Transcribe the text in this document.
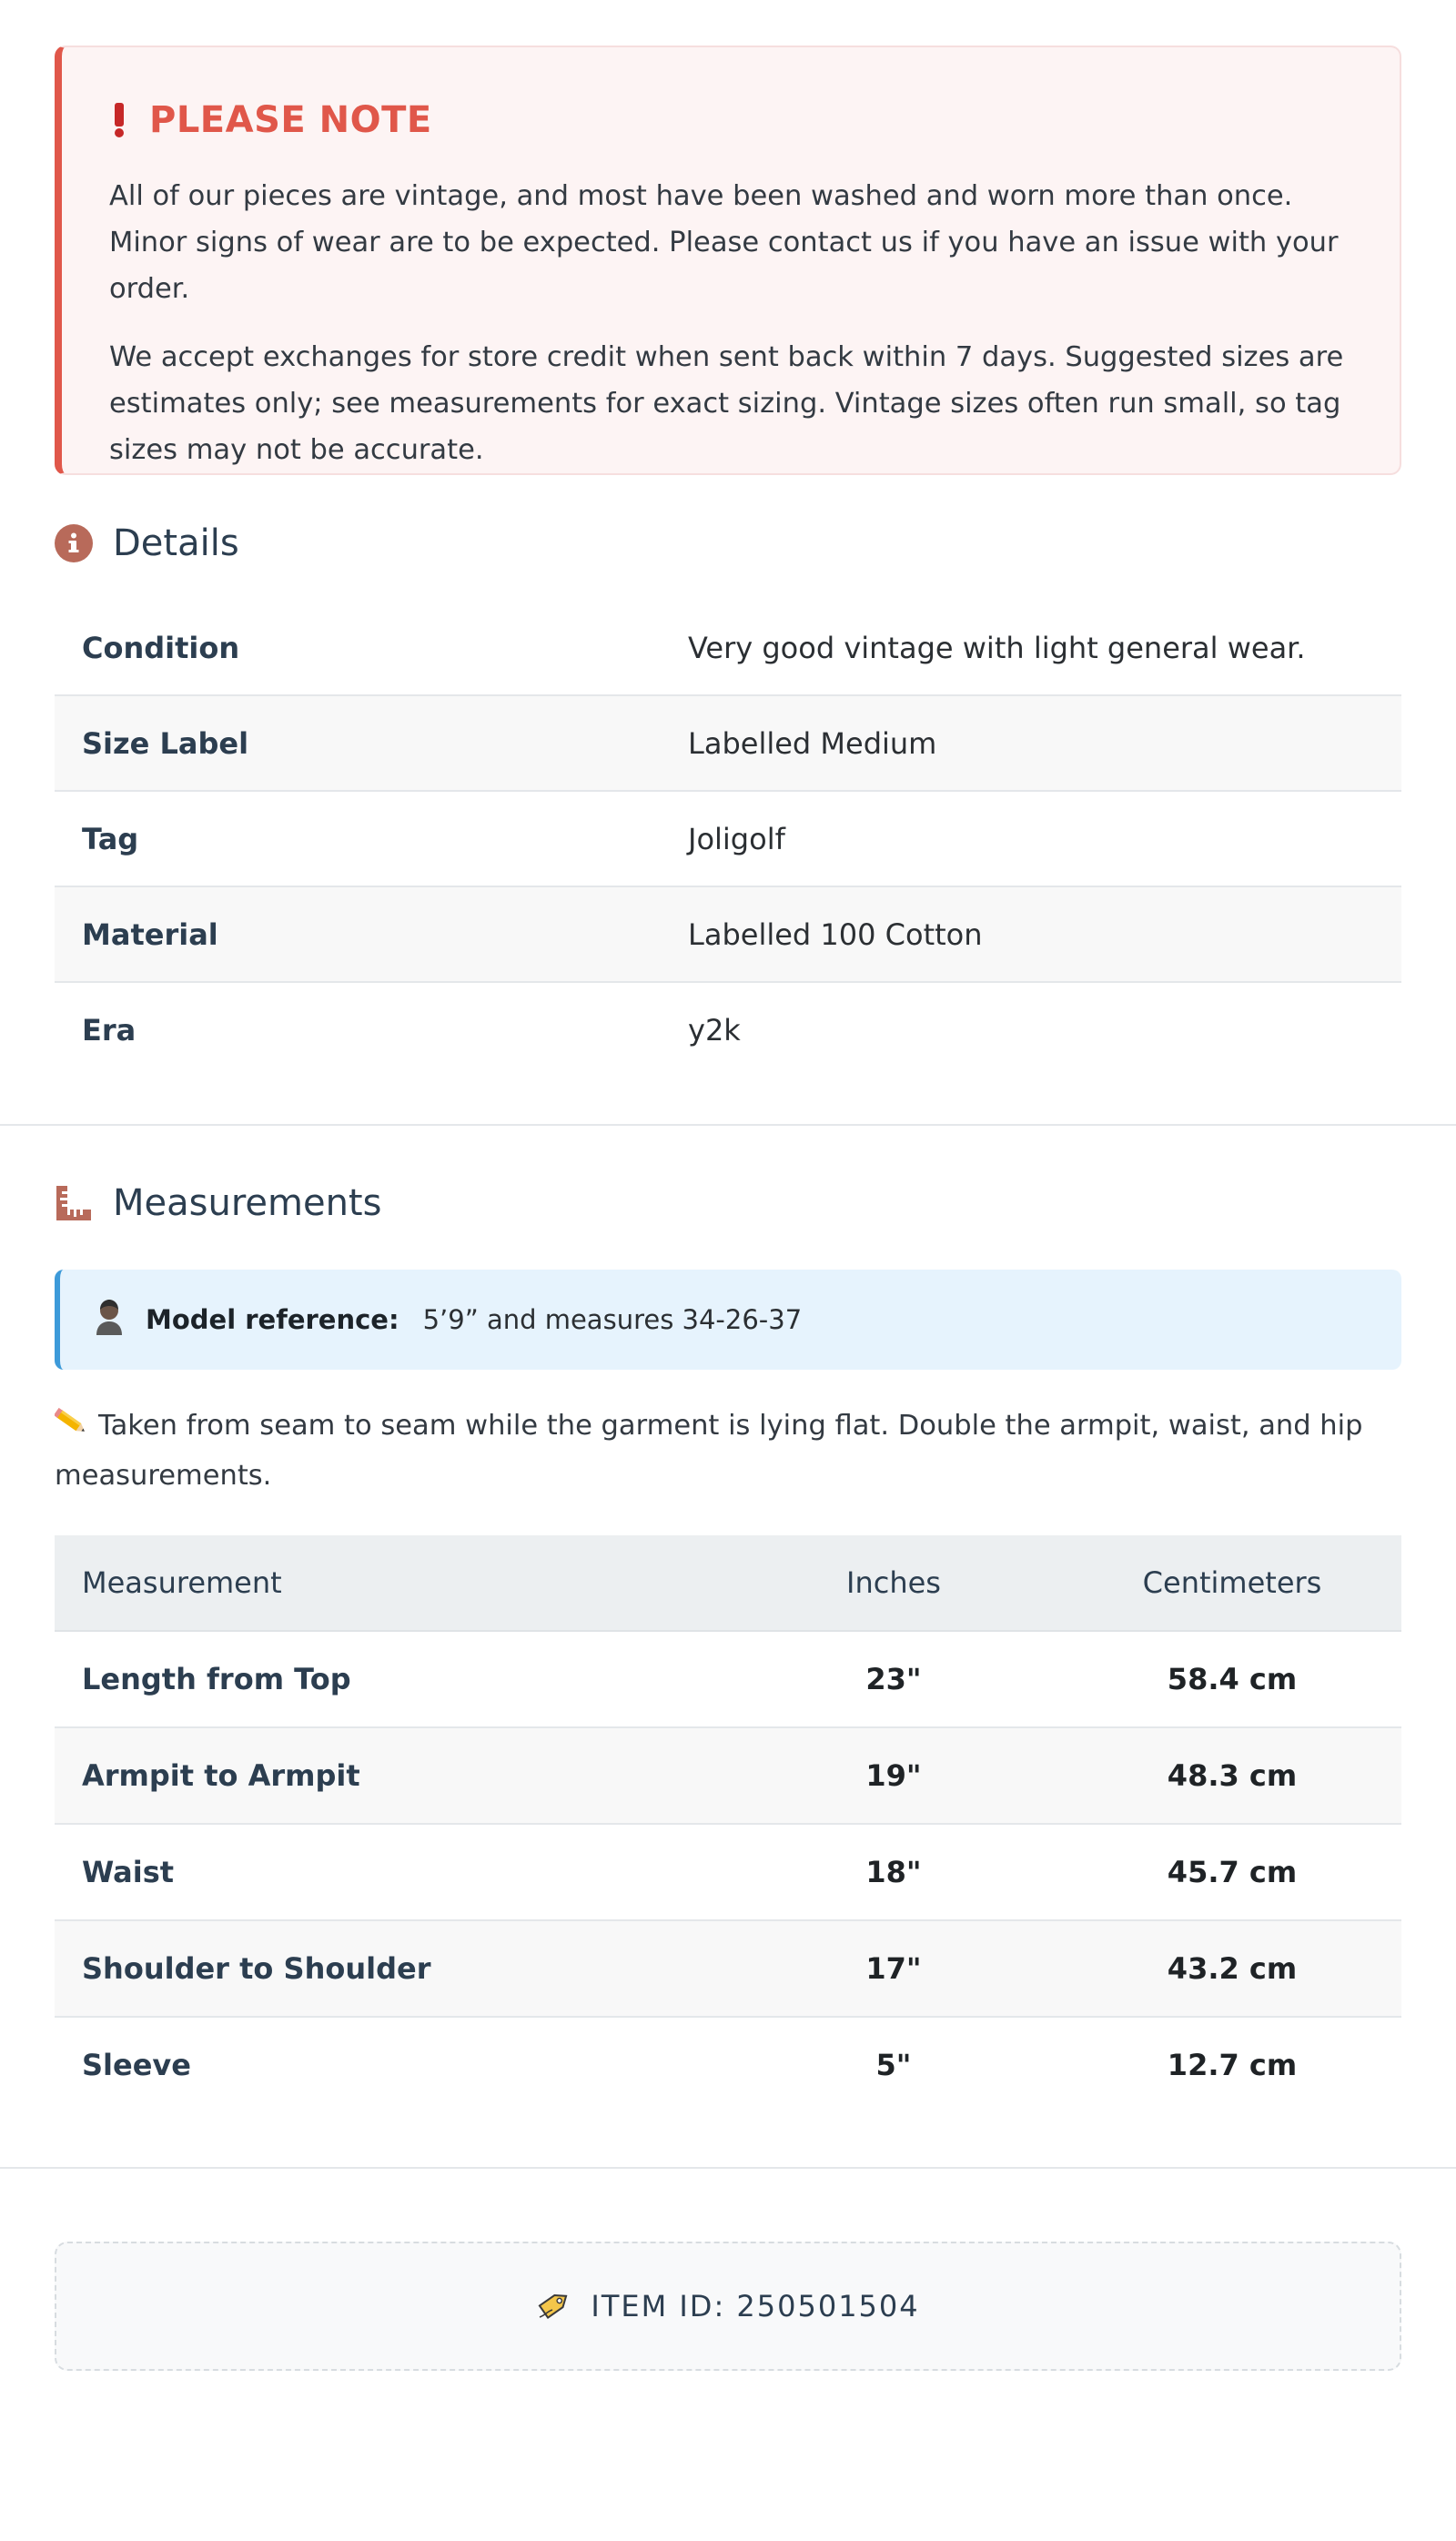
PLEASE NOTE

All of our pieces are vintage, and most have been washed and worn more than once. Minor signs of wear are to be expected. Please contact us if you have an issue with your order.

We accept exchanges for store credit when sent back within 7 days. Suggested sizes are estimates only; see measurements for exact sizing. Vintage sizes often run small, so tag sizes may not be accurate.

Details
Condition	Very good vintage with light general wear.
Size Label	Labelled Medium
Tag	Joligolf
Material	Labelled 100 Cotton
Era	y2k
Measurements
Model reference: 5’9” and measures 34-26-37
Taken from seam to seam while the garment is lying flat. Double the armpit, waist, and hip measurements.
Measurement	Inches	Centimeters
Length from Top	23"	58.4 cm
Armpit to Armpit	19"	48.3 cm
Waist	18"	45.7 cm
Shoulder to Shoulder	17"	43.2 cm
Sleeve	5"	12.7 cm
ITEM ID: 250501504
